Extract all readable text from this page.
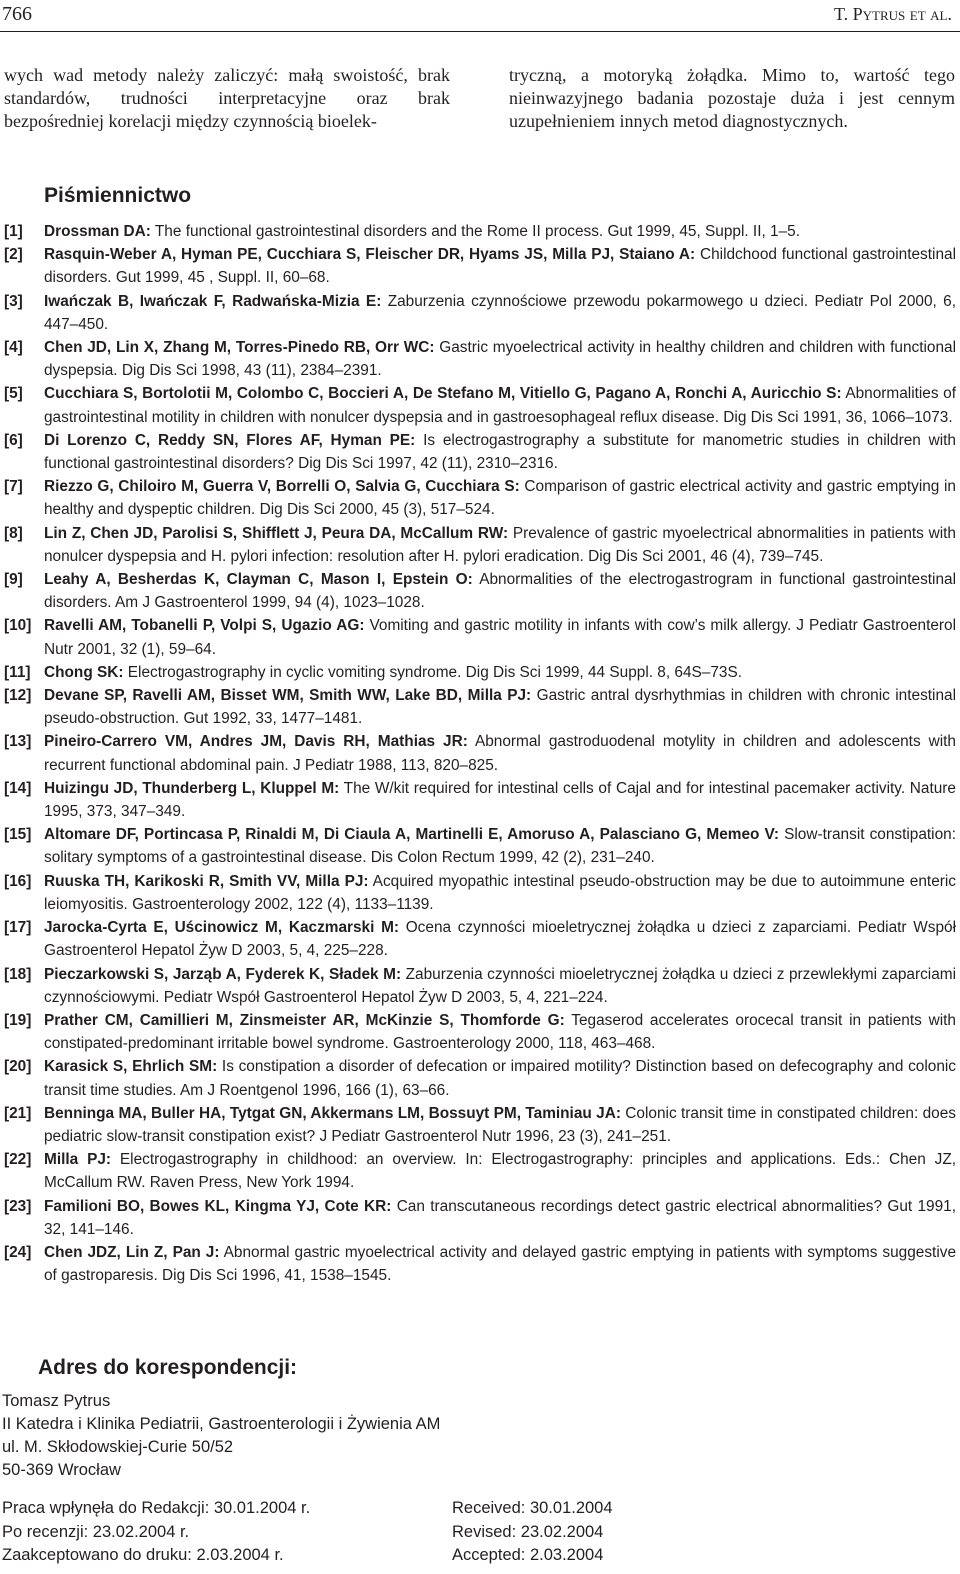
766	T. Pytrus et al.
wych wad metody należy zaliczyć: małą swoistość, brak standardów, trudności interpretacyjne oraz brak bezpośredniej korelacji między czynnością bioelek-
tryczną, a motoryką żołądka. Mimo to, wartość tego nieinwazyjnego badania pozostaje duża i jest cennym uzupełnieniem innych metod diagnostycznych.
Piśmiennictwo
[1] Drossman DA: The functional gastrointestinal disorders and the Rome II process. Gut 1999, 45, Suppl. II, 1–5.
[2] Rasquin-Weber A, Hyman PE, Cucchiara S, Fleischer DR, Hyams JS, Milla PJ, Staiano A: Childchood functional gastrointestinal disorders. Gut 1999, 45 , Suppl. II, 60–68.
[3] Iwańczak B, Iwańczak F, Radwańska-Mizia E: Zaburzenia czynnościowe przewodu pokarmowego u dzieci. Pediatr Pol 2000, 6, 447–450.
[4] Chen JD, Lin X, Zhang M, Torres-Pinedo RB, Orr WC: Gastric myoelectrical activity in healthy children and children with functional dyspepsia. Dig Dis Sci 1998, 43 (11), 2384–2391.
[5] Cucchiara S, Bortolotii M, Colombo C, Boccieri A, De Stefano M, Vitiello G, Pagano A, Ronchi A, Auricchio S: Abnormalities of gastrointestinal motility in children with nonulcer dyspepsia and in gastroesophageal reflux disease. Dig Dis Sci 1991, 36, 1066–1073.
[6] Di Lorenzo C, Reddy SN, Flores AF, Hyman PE: Is electrogastrography a substitute for manometric studies in children with functional gastrointestinal disorders? Dig Dis Sci 1997, 42 (11), 2310–2316.
[7] Riezzo G, Chiloiro M, Guerra V, Borrelli O, Salvia G, Cucchiara S: Comparison of gastric electrical activity and gastric emptying in healthy and dyspeptic children. Dig Dis Sci 2000, 45 (3), 517–524.
[8] Lin Z, Chen JD, Parolisi S, Shifflett J, Peura DA, McCallum RW: Prevalence of gastric myoelectrical abnormalities in patients with nonulcer dyspepsia and H. pylori infection: resolution after H. pylori eradication. Dig Dis Sci 2001, 46 (4), 739–745.
[9] Leahy A, Besherdas K, Clayman C, Mason I, Epstein O: Abnormalities of the electrogastrogram in functional gastrointestinal disorders. Am J Gastroenterol 1999, 94 (4), 1023–1028.
[10] Ravelli AM, Tobanelli P, Volpi S, Ugazio AG: Vomiting and gastric motility in infants with cow’s milk allergy. J Pediatr Gastroenterol Nutr 2001, 32 (1), 59–64.
[11] Chong SK: Electrogastrography in cyclic vomiting syndrome. Dig Dis Sci 1999, 44 Suppl. 8, 64S–73S.
[12] Devane SP, Ravelli AM, Bisset WM, Smith WW, Lake BD, Milla PJ: Gastric antral dysrhythmias in children with chronic intestinal pseudo-obstruction. Gut 1992, 33, 1477–1481.
[13] Pineiro-Carrero VM, Andres JM, Davis RH, Mathias JR: Abnormal gastroduodenal motylity in children and adolescents with recurrent functional abdominal pain. J Pediatr 1988, 113, 820–825.
[14] Huizingu JD, Thunderberg L, Kluppel M: The W/kit required for intestinal cells of Cajal and for intestinal pacemaker activity. Nature 1995, 373, 347–349.
[15] Altomare DF, Portincasa P, Rinaldi M, Di Ciaula A, Martinelli E, Amoruso A, Palasciano G, Memeo V: Slow-transit constipation: solitary symptoms of a gastrointestinal disease. Dis Colon Rectum 1999, 42 (2), 231–240.
[16] Ruuska TH, Karikoski R, Smith VV, Milla PJ: Acquired myopathic intestinal pseudo-obstruction may be due to autoimmune enteric leiomyositis. Gastroenterology 2002, 122 (4), 1133–1139.
[17] Jarocka-Cyrta E, Uścinowicz M, Kaczmarski M: Ocena czynności mioeletrycznej żołądka u dzieci z zaparciami. Pediatr Współ Gastroenterol Hepatol Żyw D 2003, 5, 4, 225–228.
[18] Pieczarkowski S, Jarząb A, Fyderek K, Sładek M: Zaburzenia czynności mioeletrycznej żołądka u dzieci z przewlekłymi zaparciami czynnościowymi. Pediatr Współ Gastroenterol Hepatol Żyw D 2003, 5, 4, 221–224.
[19] Prather CM, Camillieri M, Zinsmeister AR, McKinzie S, Thomforde G: Tegaserod accelerates orocecal transit in patients with constipated-predominant irritable bowel syndrome. Gastroenterology 2000, 118, 463–468.
[20] Karasick S, Ehrlich SM: Is constipation a disorder of defecation or impaired motility? Distinction based on defecography and colonic transit time studies. Am J Roentgenol 1996, 166 (1), 63–66.
[21] Benninga MA, Buller HA, Tytgat GN, Akkermans LM, Bossuyt PM, Taminiau JA: Colonic transit time in constipated children: does pediatric slow-transit constipation exist? J Pediatr Gastroenterol Nutr 1996, 23 (3), 241–251.
[22] Milla PJ: Electrogastrography in childhood: an overview. In: Electrogastrography: principles and applications. Eds.: Chen JZ, McCallum RW. Raven Press, New York 1994.
[23] Familioni BO, Bowes KL, Kingma YJ, Cote KR: Can transcutaneous recordings detect gastric electrical abnormalities? Gut 1991, 32, 141–146.
[24] Chen JDZ, Lin Z, Pan J: Abnormal gastric myoelectrical activity and delayed gastric emptying in patients with symptoms suggestive of gastroparesis. Dig Dis Sci 1996, 41, 1538–1545.
Adres do korespondencji:
Tomasz Pytrus
II Katedra i Klinika Pediatrii, Gastroenterologii i Żywienia AM
ul. M. Skłodowskiej-Curie 50/52
50-369 Wrocław
Praca wpłynęła do Redakcji: 30.01.2004 r.
Po recenzji: 23.02.2004 r.
Zaakceptowano do druku: 2.03.2004 r.
Received: 30.01.2004
Revised: 23.02.2004
Accepted: 2.03.2004
